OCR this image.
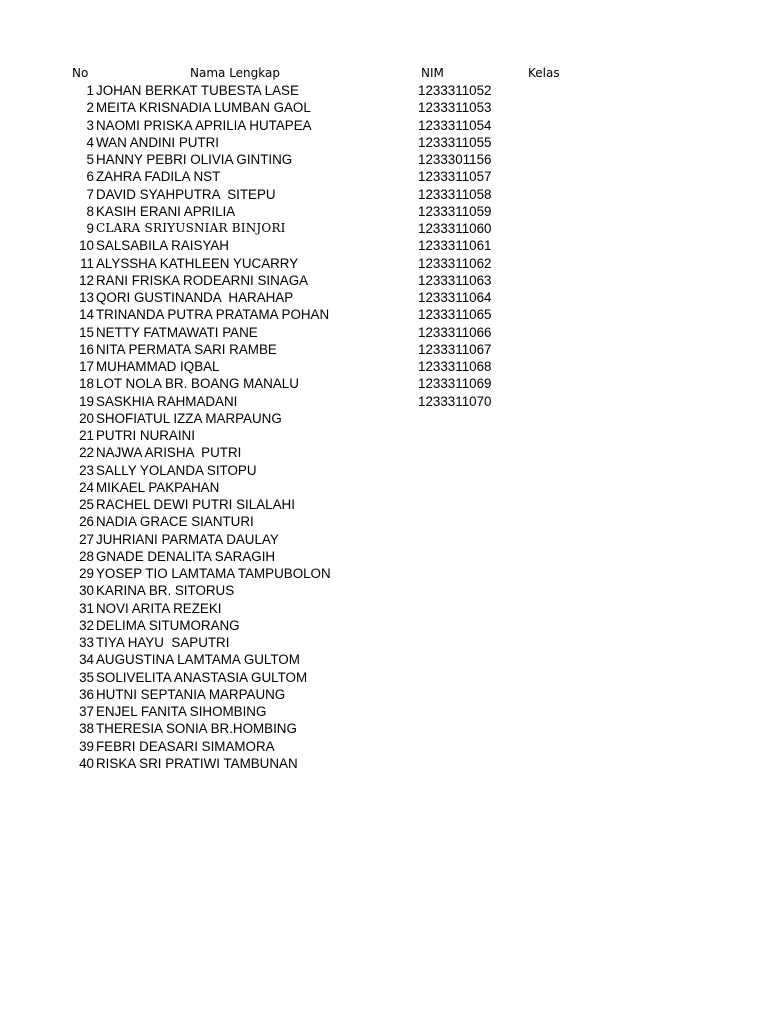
No	Nama Lengkap	NIM	Kelas
1 JOHAN BERKAT TUBESTA LASE	1233311052
2 MEITA KRISNADIA LUMBAN GAOL	1233311053
3 NAOMI PRISKA APRILIA HUTAPEA	1233311054
4 WAN ANDINI PUTRI	1233311055
5 HANNY PEBRI OLIVIA GINTING	1233301156
6 ZAHRA FADILA NST	1233311057
7 DAVID SYAHPUTRA  SITEPU	1233311058
8 KASIH ERANI APRILIA	1233311059
9 CLARA SRIYUSNIAR BINJORI	1233311060
10 SALSABILA RAISYAH	1233311061
11 ALYSSHA KATHLEEN YUCARRY	1233311062
12 RANI FRISKA RODEARNI SINAGA	1233311063
13 QORI GUSTINANDA  HARAHAP	1233311064
14 TRINANDA PUTRA PRATAMA POHAN	1233311065
15 NETTY FATMAWATI PANE	1233311066
16 NITA PERMATA SARI RAMBE	1233311067
17 MUHAMMAD IQBAL	1233311068
18 LOT NOLA BR. BOANG MANALU	1233311069
19 SASKHIA RAHMADANI	1233311070
20 SHOFIATUL IZZA MARPAUNG
21 PUTRI NURAINI
22 NAJWA ARISHA  PUTRI
23 SALLY YOLANDA SITOPU
24 MIKAEL PAKPAHAN
25 RACHEL DEWI PUTRI SILALAHI
26 NADIA GRACE SIANTURI
27 JUHRIANI PARMATA DAULAY
28 GNADE DENALITA SARAGIH
29 YOSEP TIO LAMTAMA TAMPUBOLON
30 KARINA BR. SITORUS
31 NOVI ARITA REZEKI
32 DELIMA SITUMORANG
33 TIYA HAYU  SAPUTRI
34 AUGUSTINA LAMTAMA GULTOM
35 SOLIVELITA ANASTASIA GULTOM
36 HUTNI SEPTANIA MARPAUNG
37 ENJEL FANITA SIHOMBING
38 THERESIA SONIA BR.HOMBING
39 FEBRI DEASARI SIMAMORA
40 RISKA SRI PRATIWI TAMBUNAN
